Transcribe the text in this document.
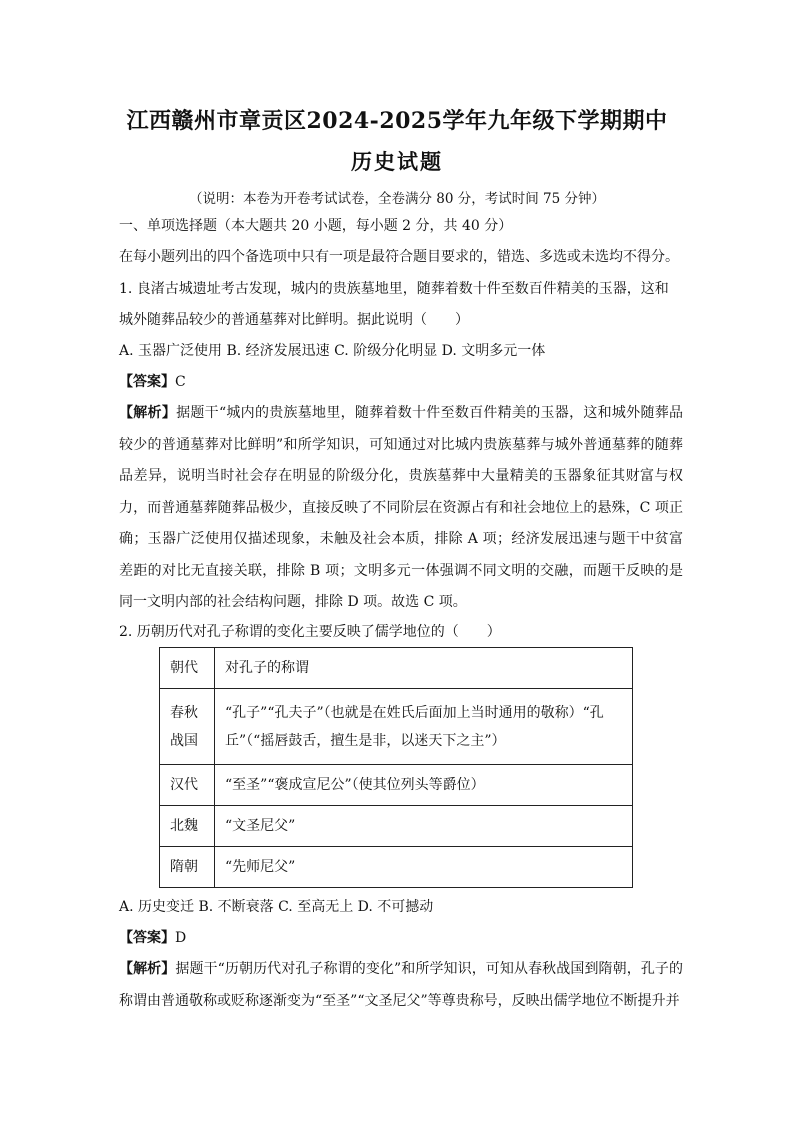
江西赣州市章贡区2024-2025学年九年级下学期期中
历史试题
（说明：本卷为开卷考试试卷，全卷满分 80 分，考试时间 75 分钟）
一、单项选择题（本大题共 20 小题，每小题 2 分，共 40 分）
在每小题列出的四个备选项中只有一项是最符合题目要求的，错选、多选或未选均不得分。
1. 良渚古城遗址考古发现，城内的贵族墓地里，随葬着数十件至数百件精美的玉器，这和
城外随葬品较少的普通墓葬对比鲜明。据此说明（　　）
A. 玉器广泛使用 B. 经济发展迅速 C. 阶级分化明显 D. 文明多元一体
【答案】C
【解析】据题干“城内的贵族墓地里，随葬着数十件至数百件精美的玉器，这和城外随葬品较少的普通墓葬对比鲜明”和所学知识，可知通过对比城内贵族墓葬与城外普通墓葬的随葬品差异，说明当时社会存在明显的阶级分化，贵族墓葬中大量精美的玉器象征其财富与权力，而普通墓葬随葬品极少，直接反映了不同阶层在资源占有和社会地位上的悬殊，C 项正确；玉器广泛使用仅描述现象，未触及社会本质，排除 A 项；经济发展迅速与题干中贫富差距的对比无直接关联，排除 B 项；文明多元一体强调不同文明的交融，而题干反映的是同一文明内部的社会结构问题，排除 D 项。故选 C 项。
2. 历朝历代对孔子称谓的变化主要反映了儒学地位的（　　）
朝代	对孔子的称谓
春秋战国	“孔子”“孔夫子”（也就是在姓氏后面加上当时通用的敬称）“孔丘”（“摇唇鼓舌，擅生是非，以迷天下之主”）
汉代	“至圣”“褒成宣尼公”（使其位列头等爵位）
北魏	“文圣尼父”
隋朝	“先师尼父”
A. 历史变迁 B. 不断衰落 C. 至高无上 D. 不可撼动
【答案】D
【解析】据题干“历朝历代对孔子称谓的变化”和所学知识，可知从春秋战国到隋朝，孔子的称谓由普通敬称或贬称逐渐变为“至圣”“文圣尼父”等尊贵称号，反映出儒学地位不断提升并
